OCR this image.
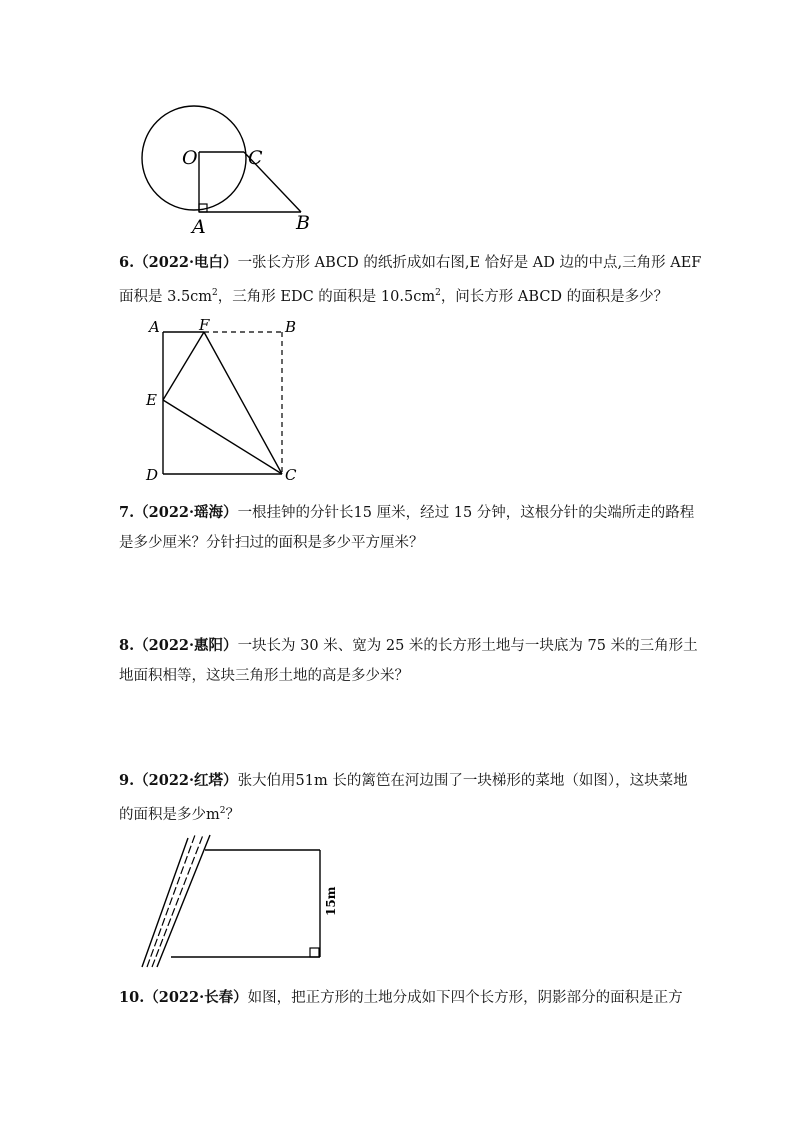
O	C
A	B
6.（2022·电白）一张长方形 ABCD 的纸折成如右图,E 恰好是 AD 边的中点,三角形 AEF
面积是 $3.5cm^2$，三角形 EDC 的面积是 $10.5cm^2$，问长方形 ABCD 的面积是多少？
A	F	B
E
D	C
7.（2022·瑶海）一根挂钟的分针长15 厘米，经过 15 分钟，这根分针的尖端所走的路程
是多少厘米？分针扫过的面积是多少平方厘米？
8.（2022·惠阳）一块长为 30 米、宽为 25 米的长方形土地与一块底为 75 米的三角形土
地面积相等，这块三角形土地的高是多少米？
9.（2022·红塔）张大伯用51m 长的篱笆在河边围了一块梯形的菜地（如图），这块菜地
的面积是多少$m^2$？
15m
10.（2022·长春）如图，把正方形的土地分成如下四个长方形，阴影部分的面积是正方
